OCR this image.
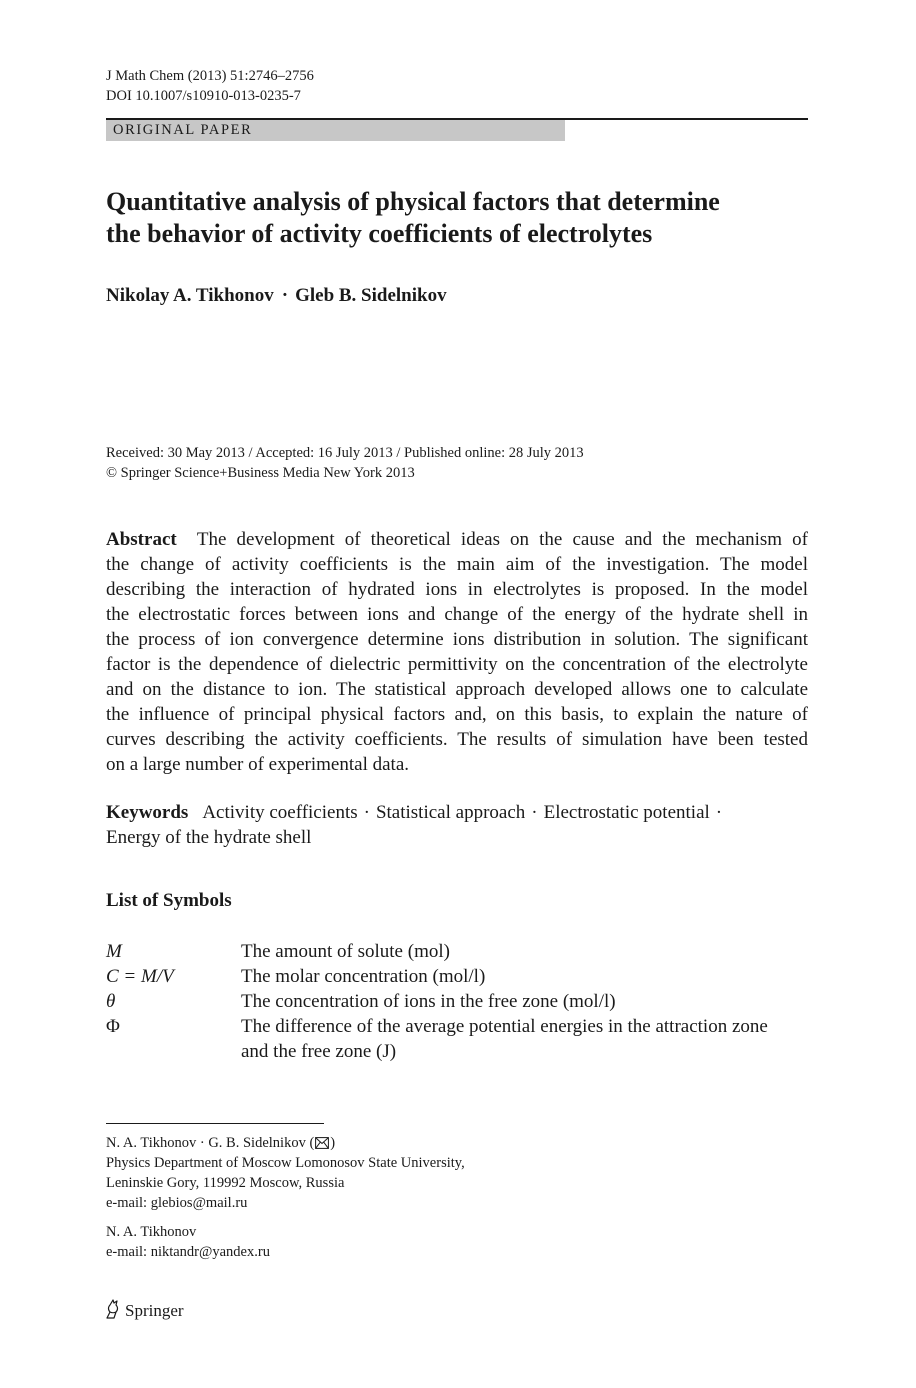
J Math Chem (2013) 51:2746–2756
DOI 10.1007/s10910-013-0235-7
ORIGINAL PAPER
Quantitative analysis of physical factors that determine
the behavior of activity coefficients of electrolytes
Nikolay A. Tikhonov · Gleb B. Sidelnikov
Received: 30 May 2013 / Accepted: 16 July 2013 / Published online: 28 July 2013
© Springer Science+Business Media New York 2013
Abstract The development of theoretical ideas on the cause and the mechanism of
the change of activity coefficients is the main aim of the investigation. The model
describing the interaction of hydrated ions in electrolytes is proposed. In the model
the electrostatic forces between ions and change of the energy of the hydrate shell in
the process of ion convergence determine ions distribution in solution. The significant
factor is the dependence of dielectric permittivity on the concentration of the electrolyte
and on the distance to ion. The statistical approach developed allows one to calculate
the influence of principal physical factors and, on this basis, to explain the nature of
curves describing the activity coefficients. The results of simulation have been tested
on a large number of experimental data.
Keywords Activity coefficients · Statistical approach · Electrostatic potential ·
Energy of the hydrate shell
List of Symbols
M	The amount of solute (mol)
C = M/V	The molar concentration (mol/l)
θ	The concentration of ions in the free zone (mol/l)
Φ	The difference of the average potential energies in the attraction zone
and the free zone (J)
N. A. Tikhonov · G. B. Sidelnikov ( )
Physics Department of Moscow Lomonosov State University,
Leninskie Gory, 119992 Moscow, Russia
e-mail: glebios@mail.ru
N. A. Tikhonov
e-mail: niktandr@yandex.ru
Springer
